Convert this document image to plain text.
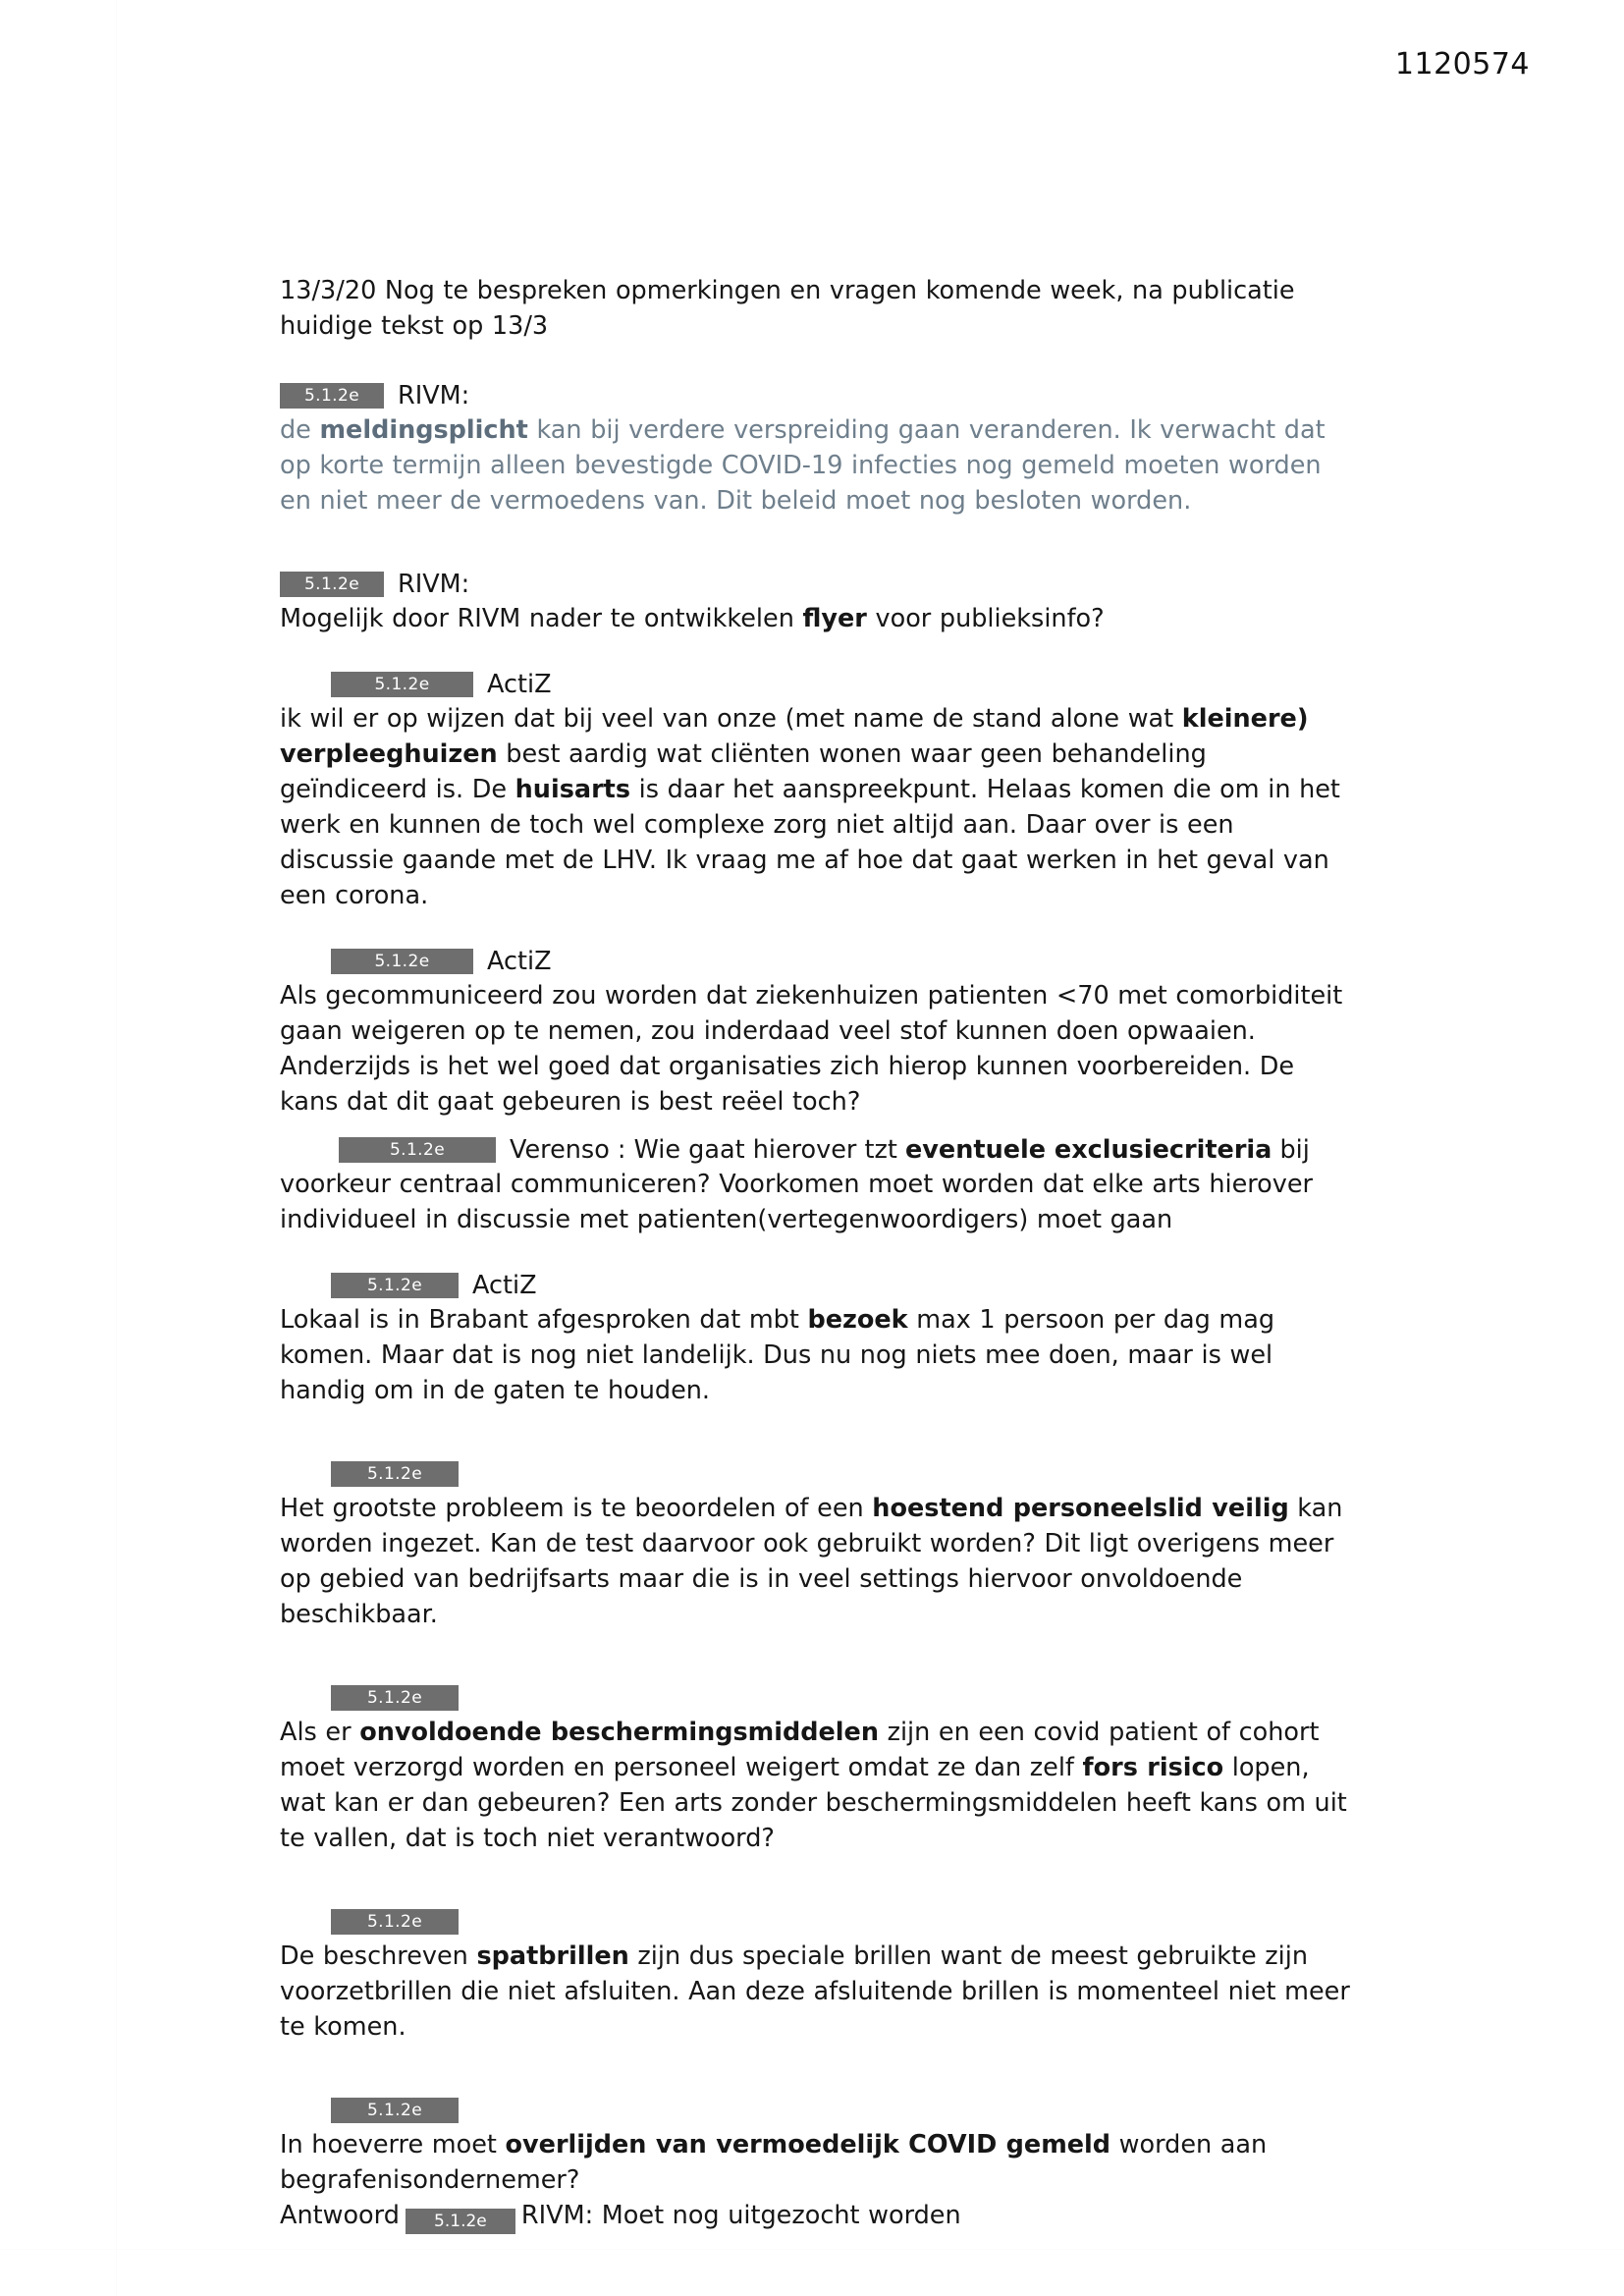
1120574

13/3/20 Nog te bespreken opmerkingen en vragen komende week, na publicatie huidige tekst op 13/3

5.1.2e	RIVM:

de meldingsplicht kan bij verdere verspreiding gaan veranderen. Ik verwacht dat op korte termijn alleen bevestigde COVID-19 infecties nog gemeld moeten worden en niet meer de vermoedens van. Dit beleid moet nog besloten worden.

5.1.2e	RIVM:

Mogelijk door RIVM nader te ontwikkelen flyer voor publieksinfo?

5.1.2e	ActiZ

ik wil er op wijzen dat bij veel van onze (met name de stand alone wat kleinere) verpleeghuizen best aardig wat cliënten wonen waar geen behandeling geïndiceerd is. De huisarts is daar het aanspreekpunt. Helaas komen die om in het werk en kunnen de toch wel complexe zorg niet altijd aan. Daar over is een discussie gaande met de LHV. Ik vraag me af hoe dat gaat werken in het geval van een corona.

5.1.2e	ActiZ

Als gecommuniceerd zou worden dat ziekenhuizen patienten <70 met comorbiditeit gaan weigeren op te nemen, zou inderdaad veel stof kunnen doen opwaaien. Anderzijds is het wel goed dat organisaties zich hierop kunnen voorbereiden. De kans dat dit gaat gebeuren is best reëel toch?

5.1.2e	Verenso : Wie gaat hierover tzt eventuele exclusiecriteria bij

voorkeur centraal communiceren? Voorkomen moet worden dat elke arts hierover individueel in discussie met patienten(vertegenwoordigers) moet gaan

5.1.2e	ActiZ

Lokaal is in Brabant afgesproken dat mbt bezoek max 1 persoon per dag mag komen. Maar dat is nog niet landelijk. Dus nu nog niets mee doen, maar is wel handig om in de gaten te houden.

5.1.2e

Het grootste probleem is te beoordelen of een hoestend personeelslid veilig kan worden ingezet. Kan de test daarvoor ook gebruikt worden? Dit ligt overigens meer op gebied van bedrijfsarts maar die is in veel settings hiervoor onvoldoende beschikbaar.

5.1.2e

Als er onvoldoende beschermingsmiddelen zijn en een covid patient of cohort moet verzorgd worden en personeel weigert omdat ze dan zelf fors risico lopen, wat kan er dan gebeuren? Een arts zonder beschermingsmiddelen heeft kans om uit te vallen, dat is toch niet verantwoord?

5.1.2e

De beschreven spatbrillen zijn dus speciale brillen want de meest gebruikte zijn voorzetbrillen die niet afsluiten. Aan deze afsluitende brillen is momenteel niet meer te komen.

5.1.2e

In hoeverre moet overlijden van vermoedelijk COVID gemeld worden aan begrafenisondernemer?

Antwoord 5.1.2e RIVM: Moet nog uitgezocht worden
